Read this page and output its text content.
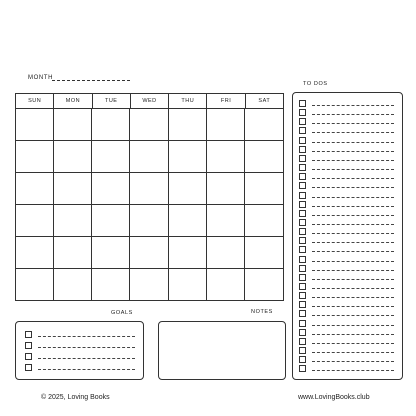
MONTH
SUN	MON	TUE	WED	THU	FRI	SAT
TO DOS
GOALS	NOTES
© 2025, Loving Books	www.LovingBooks.club
